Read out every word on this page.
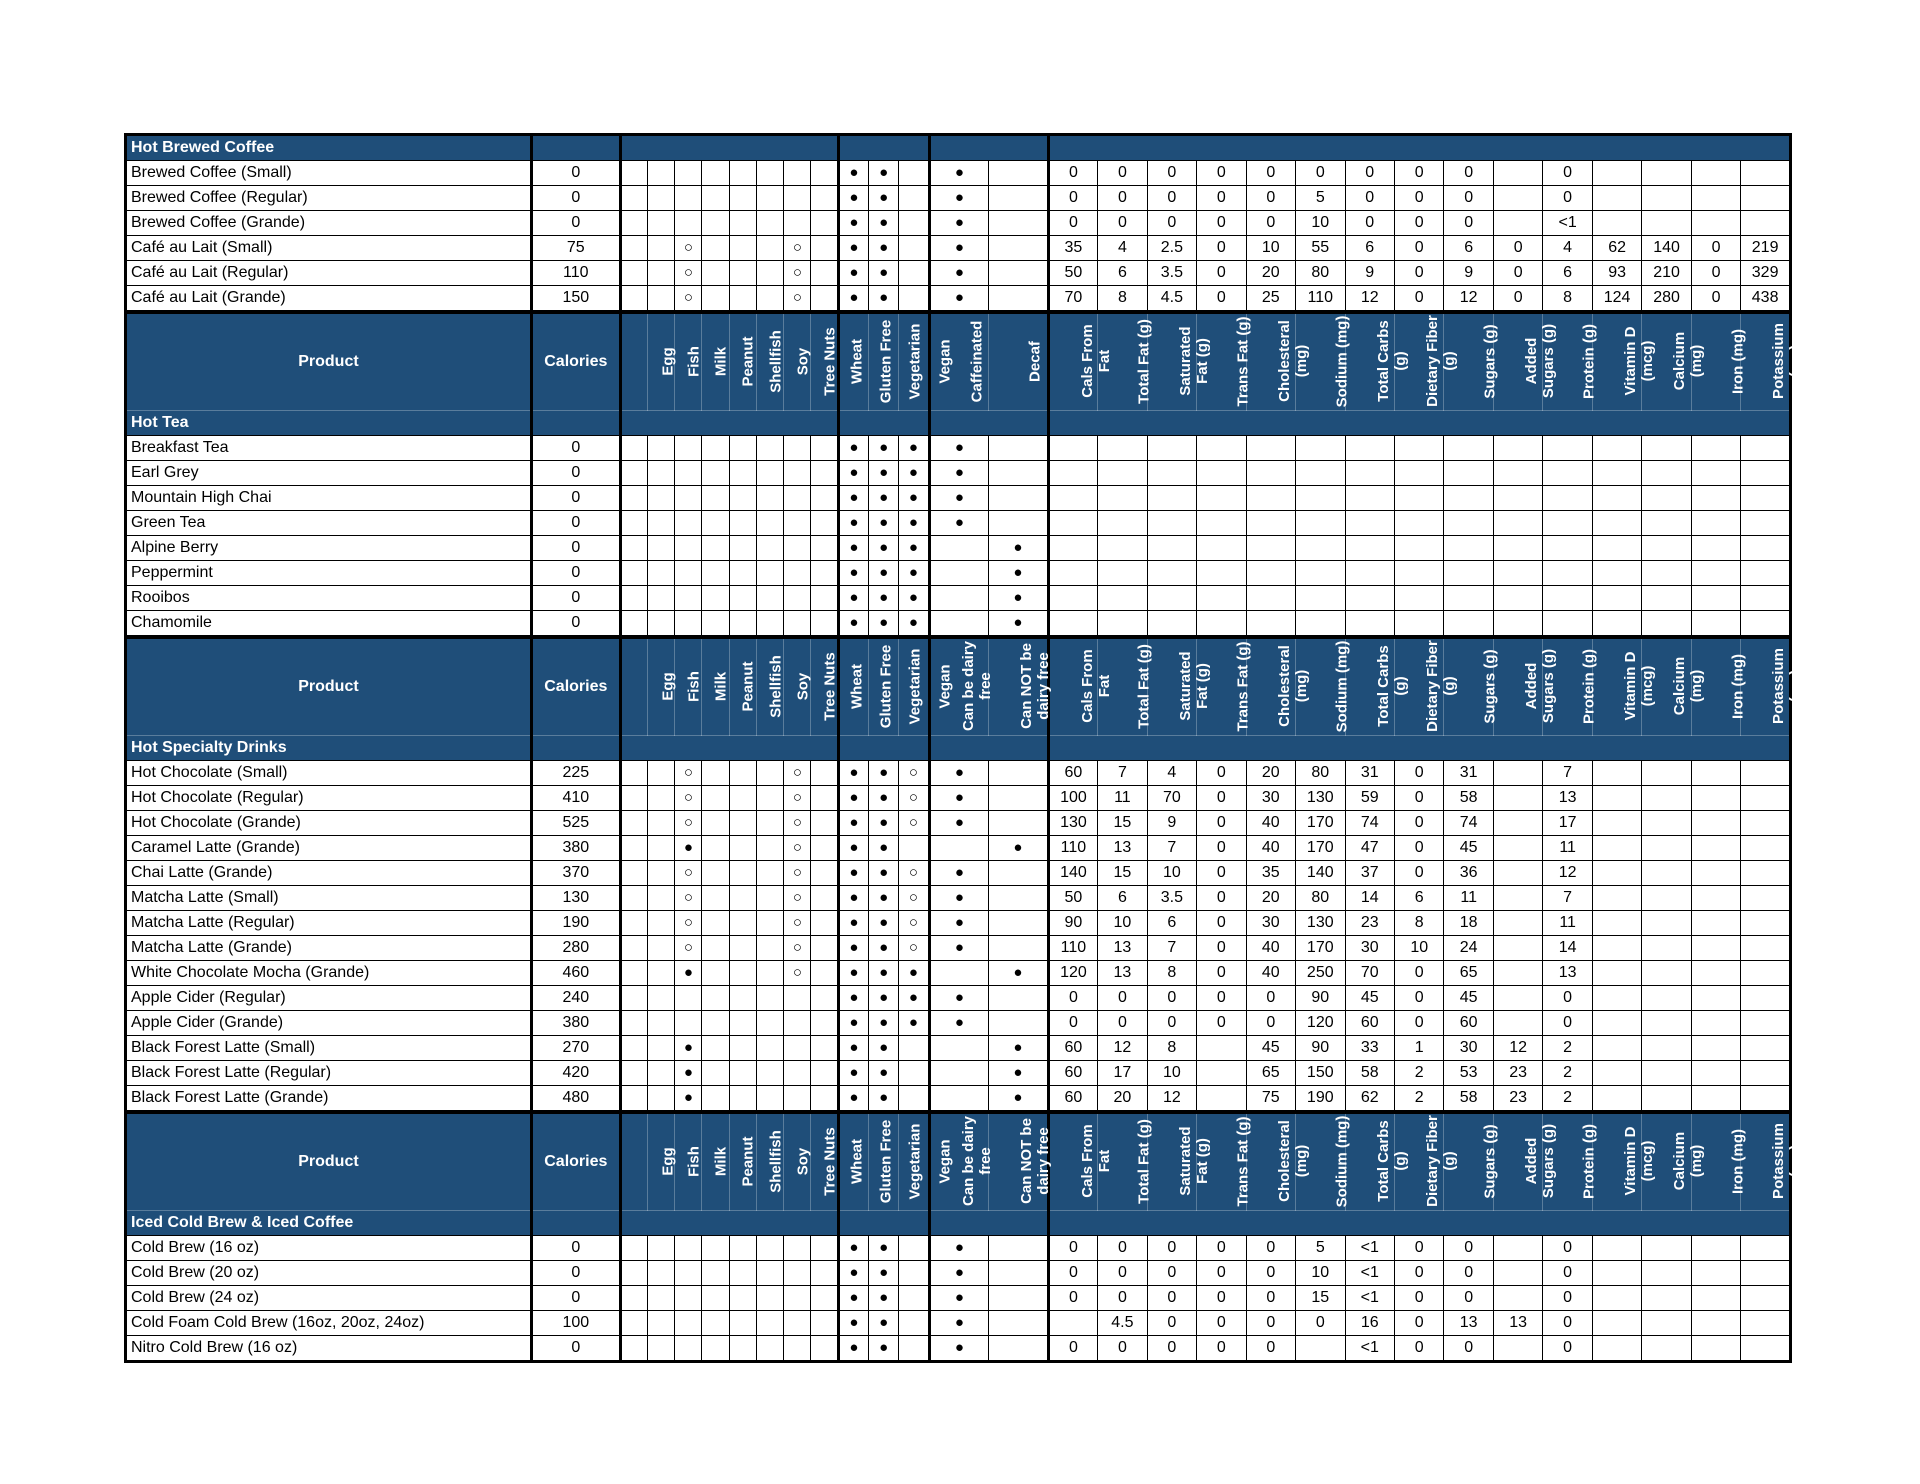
Hot Brewed Coffee																													
Brewed Coffee (Small)	0									●	●		●		0	0	0	0	0	0	0	0	0		0				
Brewed Coffee (Regular)	0									●	●		●		0	0	0	0	0	5	0	0	0		0				
Brewed Coffee (Grande)	0									●	●		●		0	0	0	0	0	10	0	0	0		<1				
Café au Lait (Small)	75			○				○		●	●		●		35	4	2.5	0	10	55	6	0	6	0	4	62	140	0	219
Café au Lait (Regular)	110			○				○		●	●		●		50	6	3.5	0	20	80	9	0	9	0	6	93	210	0	329
Café au Lait (Grande)	150			○				○		●	●		●		70	8	4.5	0	25	110	12	0	12	0	8	124	280	0	438
Product	Calories	Egg	Fish	Milk	Peanut	Shellfish	Soy	Tree Nuts	Wheat	Gluten Free	Vegetarian	Vegan	Caffeinated	Decaf	Cals From Fat	Total Fat (g)	Saturated Fat (g)	Trans Fat (g)	Cholesteral (mg)	Sodium (mg)	Total Carbs (g)	Dietary Fiber (g)	Sugars (g)	Added Sugars (g)	Protein (g)	Vitamin D (mcg)	Calcium (mg)	Iron (mg)	Potassium (mg)
Hot Tea																													
Breakfast Tea	0									●	●	●	●																
Earl Grey	0									●	●	●	●																
Mountain High Chai	0									●	●	●	●																
Green Tea	0									●	●	●	●																
Alpine Berry	0									●	●	●		●															
Peppermint	0									●	●	●		●															
Rooibos	0									●	●	●		●															
Chamomile	0									●	●	●		●															
Product	Calories	Egg	Fish	Milk	Peanut	Shellfish	Soy	Tree Nuts	Wheat	Gluten Free	Vegetarian	Vegan	Can be dairy free	Can NOT be dairy free	Cals From Fat	Total Fat (g)	Saturated Fat (g)	Trans Fat (g)	Cholesteral (mg)	Sodium (mg)	Total Carbs (g)	Dietary Fiber (g)	Sugars (g)	Added Sugars (g)	Protein (g)	Vitamin D (mcg)	Calcium (mg)	Iron (mg)	Potassium (mg)
Hot Specialty Drinks																													
Hot Chocolate (Small)	225			○				○		●	●	○	●		60	7	4	0	20	80	31	0	31		7				
Hot Chocolate (Regular)	410			○				○		●	●	○	●		100	11	70	0	30	130	59	0	58		13				
Hot Chocolate (Grande)	525			○				○		●	●	○	●		130	15	9	0	40	170	74	0	74		17				
Caramel Latte (Grande)	380			●				○		●	●			●	110	13	7	0	40	170	47	0	45		11				
Chai Latte (Grande)	370			○				○		●	●	○	●		140	15	10	0	35	140	37	0	36		12				
Matcha Latte (Small)	130			○				○		●	●	○	●		50	6	3.5	0	20	80	14	6	11		7				
Matcha Latte (Regular)	190			○				○		●	●	○	●		90	10	6	0	30	130	23	8	18		11				
Matcha Latte (Grande)	280			○				○		●	●	○	●		110	13	7	0	40	170	30	10	24		14				
White Chocolate Mocha (Grande)	460			●				○		●	●	●		●	120	13	8	0	40	250	70	0	65		13				
Apple Cider (Regular)	240									●	●	●	●		0	0	0	0	0	90	45	0	45		0				
Apple Cider (Grande)	380									●	●	●	●		0	0	0	0	0	120	60	0	60		0				
Black Forest Latte (Small)	270			●						●	●			●	60	12	8		45	90	33	1	30	12	2				
Black Forest Latte (Regular)	420			●						●	●			●	60	17	10		65	150	58	2	53	23	2				
Black Forest Latte (Grande)	480			●						●	●			●	60	20	12		75	190	62	2	58	23	2				
Product	Calories	Egg	Fish	Milk	Peanut	Shellfish	Soy	Tree Nuts	Wheat	Gluten Free	Vegetarian	Vegan	Can be dairy free	Can NOT be dairy free	Cals From Fat	Total Fat (g)	Saturated Fat (g)	Trans Fat (g)	Cholesteral (mg)	Sodium (mg)	Total Carbs (g)	Dietary Fiber (g)	Sugars (g)	Added Sugars (g)	Protein (g)	Vitamin D (mcg)	Calcium (mg)	Iron (mg)	Potassium (mg)
Iced Cold Brew & Iced Coffee																													
Cold Brew (16 oz)	0									●	●		●		0	0	0	0	0	5	<1	0	0		0				
Cold Brew (20 oz)	0									●	●		●		0	0	0	0	0	10	<1	0	0		0				
Cold Brew (24 oz)	0									●	●		●		0	0	0	0	0	15	<1	0	0		0				
Cold Foam Cold Brew (16oz, 20oz, 24oz)	100									●	●		●			4.5	0	0	0	0	16	0	13	13	0				
Nitro Cold Brew (16 oz)	0									●	●		●		0	0	0	0	0		<1	0	0		0				
